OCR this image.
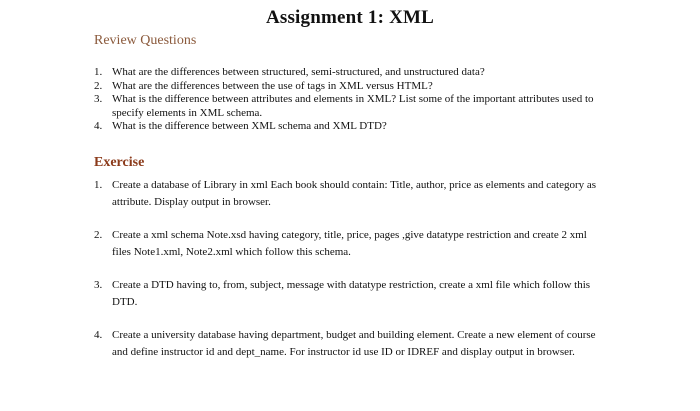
Assignment 1: XML
Review Questions
1. What are the differences between structured, semi-structured, and unstructured data?
2. What are the differences between the use of tags in XML versus HTML?
3. What is the difference between attributes and elements in XML? List some of the important attributes used to specify elements in XML schema.
4. What is the difference between XML schema and XML DTD?
Exercise
1. Create a database of Library in xml Each book should contain: Title, author, price as elements and category as attribute. Display output in browser.
2. Create a xml schema Note.xsd having category, title, price, pages ,give datatype restriction and create 2 xml files Note1.xml, Note2.xml which follow this schema.
3. Create a DTD having to, from, subject, message with datatype restriction, create a xml file which follow this DTD.
4. Create a university database having department, budget and building element. Create a new element of course and define instructor id and dept_name. For instructor id use ID or IDREF and display output in browser.
